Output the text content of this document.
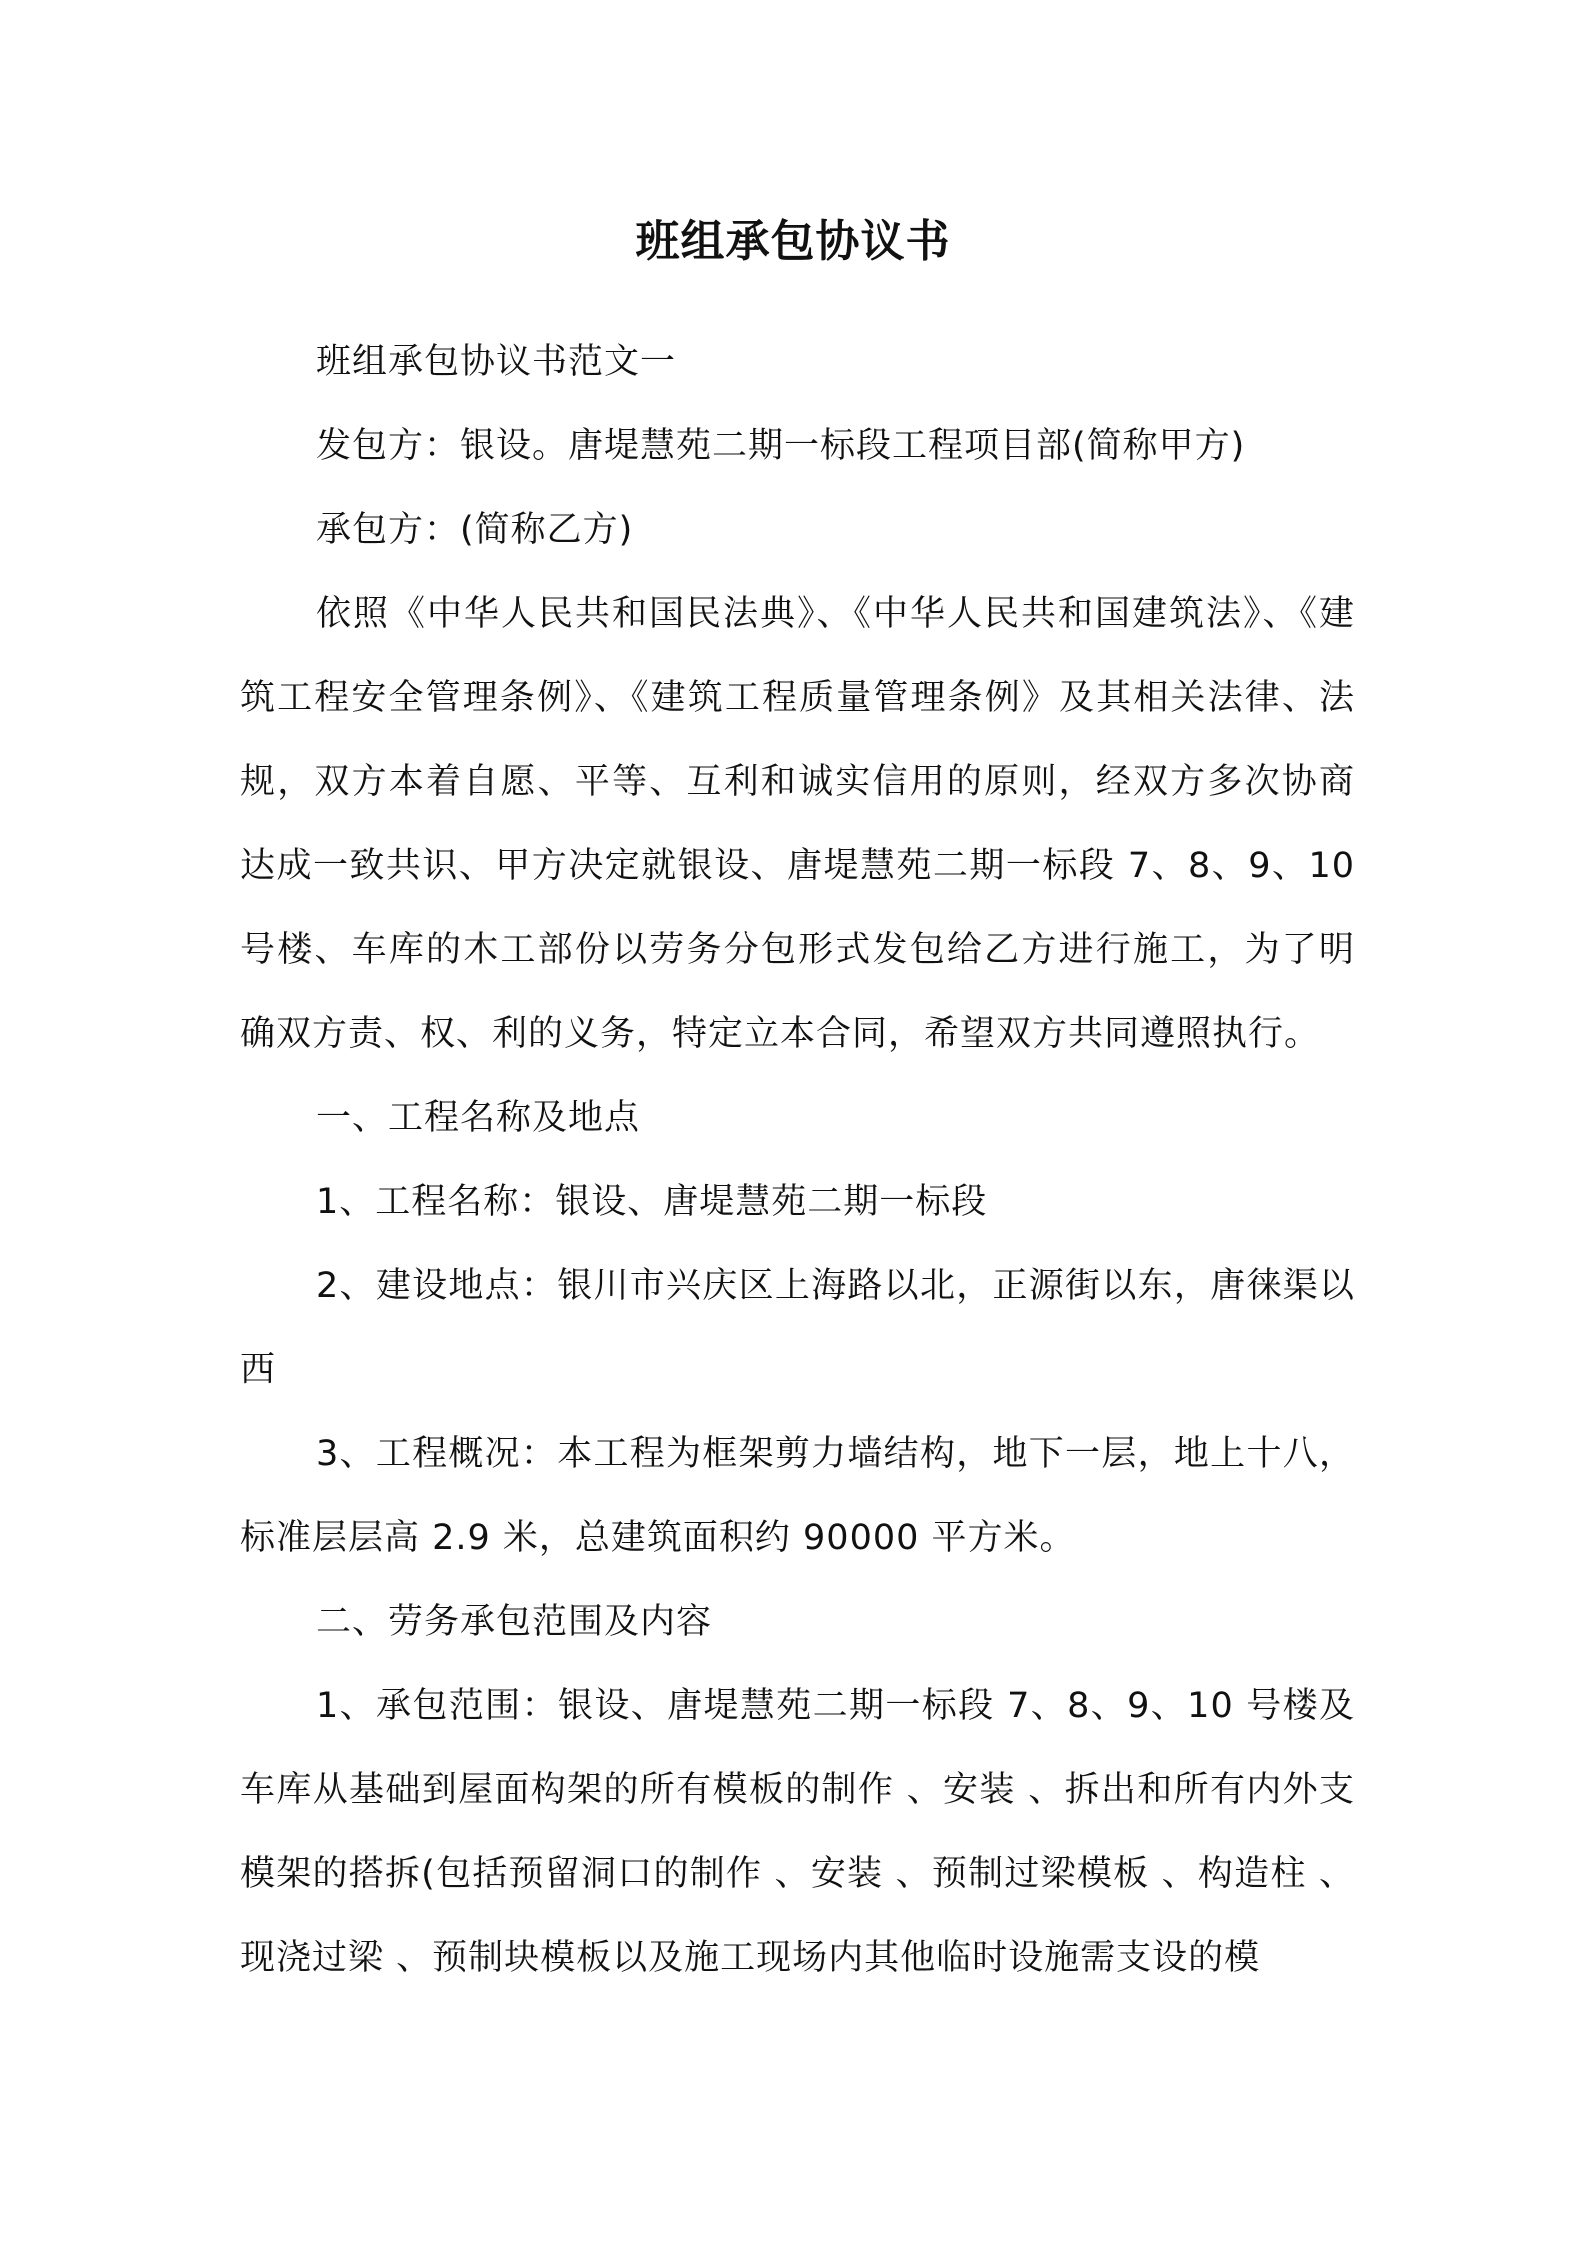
班组承包协议书

班组承包协议书范文一

发包方：银设。唐堤慧苑二期一标段工程项目部(简称甲方)

承包方：(简称乙方)

依照《中华人民共和国民法典》、《中华人民共和国建筑法》、《建筑工程安全管理条例》、《建筑工程质量管理条例》及其相关法律、法规，双方本着自愿、平等、互利和诚实信用的原则，经双方多次协商达成一致共识、甲方决定就银设、唐堤慧苑二期一标段 7、8、9、10 号楼、车库的木工部份以劳务分包形式发包给乙方进行施工，为了明确双方责、权、利的义务，特定立本合同，希望双方共同遵照执行。

一、工程名称及地点

1、工程名称：银设、唐堤慧苑二期一标段

2、建设地点：银川市兴庆区上海路以北，正源街以东，唐徕渠以西

3、工程概况：本工程为框架剪力墙结构，地下一层，地上十八，标准层层高 2.9 米，总建筑面积约 90000 平方米。

二、劳务承包范围及内容

1、承包范围：银设、唐堤慧苑二期一标段 7、8、9、10 号楼及车库从基础到屋面构架的所有模板的制作 、安装 、拆出和所有内外支模架的搭拆(包括预留洞口的制作 、安装 、预制过梁模板 、构造柱 、现浇过梁 、预制块模板以及施工现场内其他临时设施需支设的模
